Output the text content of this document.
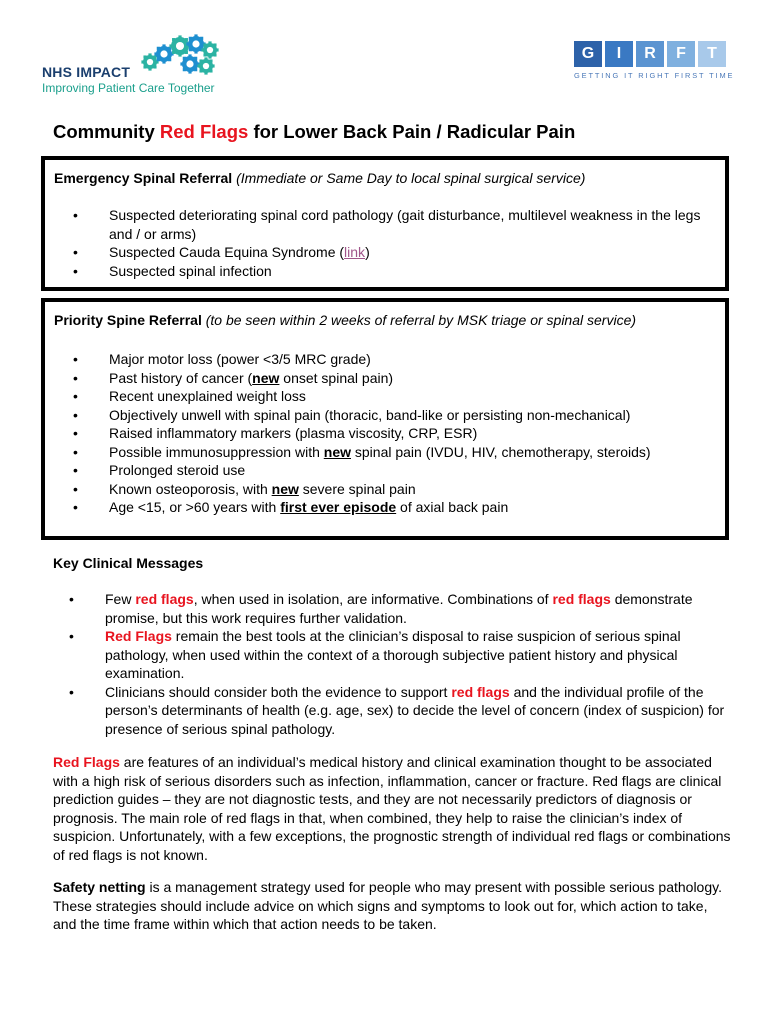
NHS IMPACT
Improving Patient Care Together
G	I	R	F	T
GETTING IT RIGHT FIRST TIME
Community Red Flags for Lower Back Pain / Radicular Pain
Emergency Spinal Referral (Immediate or Same Day to local spinal surgical service)
• Suspected deteriorating spinal cord pathology (gait disturbance, multilevel weakness in the legs and / or arms)
• Suspected Cauda Equina Syndrome (link)
• Suspected spinal infection
Priority Spine Referral (to be seen within 2 weeks of referral by MSK triage or spinal service)
• Major motor loss (power <3/5 MRC grade)
• Past history of cancer (new onset spinal pain)
• Recent unexplained weight loss
• Objectively unwell with spinal pain (thoracic, band-like or persisting non-mechanical)
• Raised inflammatory markers (plasma viscosity, CRP, ESR)
• Possible immunosuppression with new spinal pain (IVDU, HIV, chemotherapy, steroids)
• Prolonged steroid use
• Known osteoporosis, with new severe spinal pain
• Age <15, or >60 years with first ever episode of axial back pain
Key Clinical Messages
• Few red flags, when used in isolation, are informative. Combinations of red flags demonstrate promise, but this work requires further validation.
• Red Flags remain the best tools at the clinician’s disposal to raise suspicion of serious spinal pathology, when used within the context of a thorough subjective patient history and physical examination.
• Clinicians should consider both the evidence to support red flags and the individual profile of the person’s determinants of health (e.g. age, sex) to decide the level of concern (index of suspicion) for presence of serious spinal pathology.

Red Flags are features of an individual’s medical history and clinical examination thought to be associated with a high risk of serious disorders such as infection, inflammation, cancer or fracture. Red flags are clinical prediction guides – they are not diagnostic tests, and they are not necessarily predictors of diagnosis or prognosis. The main role of red flags in that, when combined, they help to raise the clinician’s index of suspicion. Unfortunately, with a few exceptions, the prognostic strength of individual red flags or combinations of red flags is not known.

Safety netting is a management strategy used for people who may present with possible serious pathology. These strategies should include advice on which signs and symptoms to look out for, which action to take, and the time frame within which that action needs to be taken.
